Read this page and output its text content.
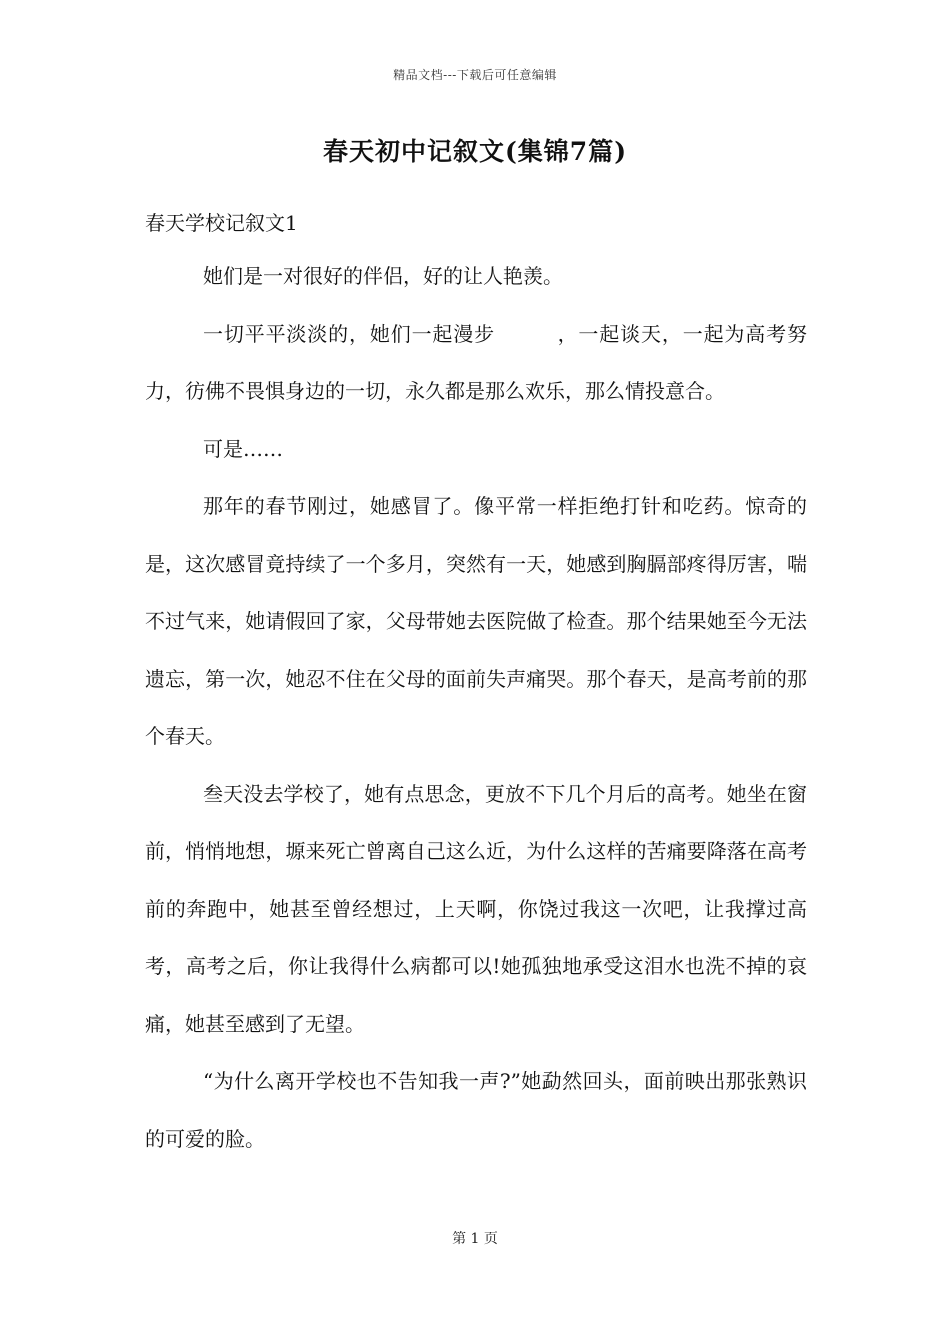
精品文档---下载后可任意编辑
春天初中记叙文(集锦7篇)
春天学校记叙文1

她们是一对很好的伴侣，好的让人艳羡。

一切平平淡淡的，她们一起漫步　　　，一起谈天，一起为高考努力，彷佛不畏惧身边的一切，永久都是那么欢乐，那么情投意合。

可是……

那年的春节刚过，她感冒了。像平常一样拒绝打针和吃药。惊奇的是，这次感冒竟持续了一个多月，突然有一天，她感到胸膈部疼得厉害，喘不过气来，她请假回了家，父母带她去医院做了检查。那个结果她至今无法遗忘，第一次，她忍不住在父母的面前失声痛哭。那个春天，是高考前的那个春天。

叁天没去学校了，她有点思念，更放不下几个月后的高考。她坐在窗前，悄悄地想，塬来死亡曾离自己这么近，为什么这样的苦痛要降落在高考前的奔跑中，她甚至曾经想过，上天啊，你饶过我这一次吧，让我撑过高考，高考之后，你让我得什么病都可以!她孤独地承受这泪水也洗不掉的哀痛，她甚至感到了无望。

“为什么离开学校也不告知我一声?”她勐然回头，面前映出那张熟识的可爱的脸。

第 1 页
